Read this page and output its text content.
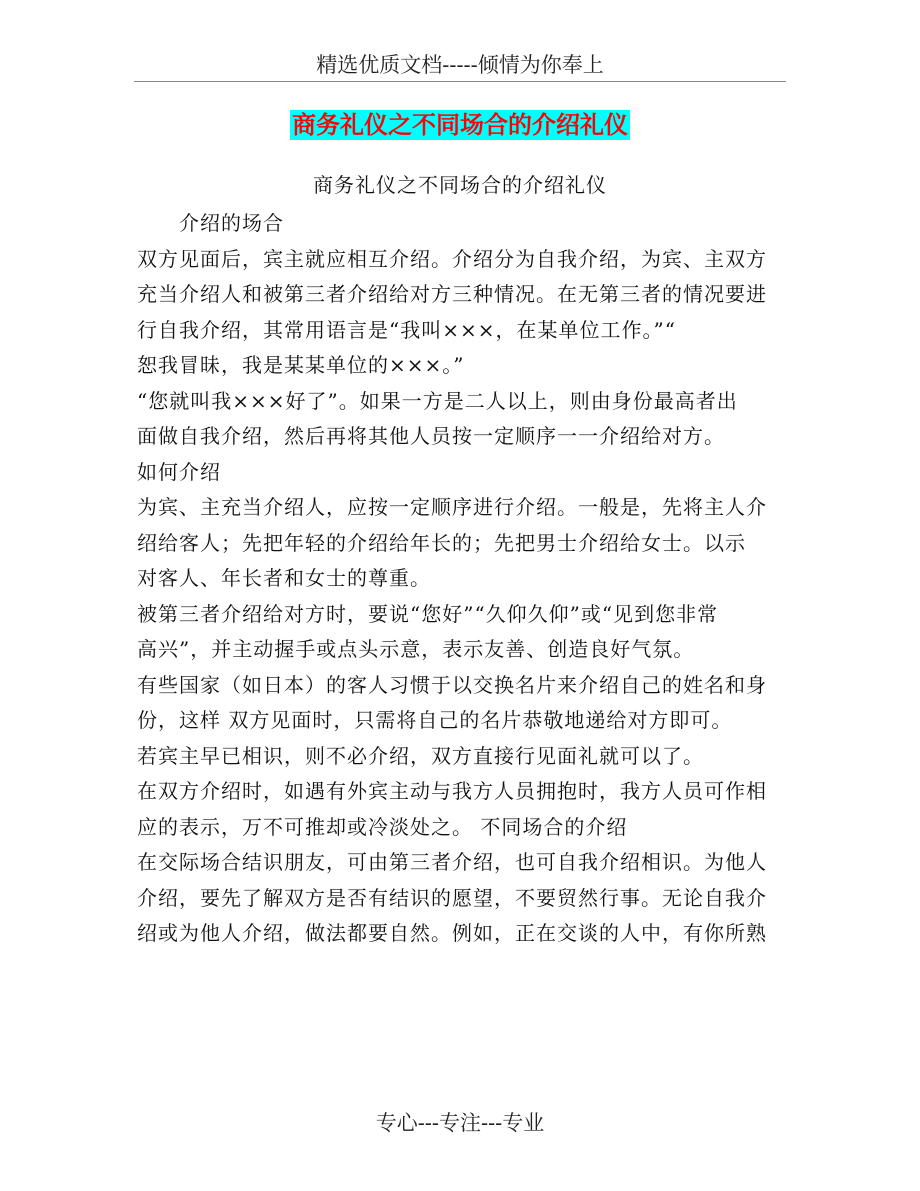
精选优质文档-----倾情为你奉上
商务礼仪之不同场合的介绍礼仪
商务礼仪之不同场合的介绍礼仪
介绍的场合
双方见面后，宾主就应相互介绍。介绍分为自我介绍，为宾、主双方
充当介绍人和被第三者介绍给对方三种情况。在无第三者的情况要进
行自我介绍，其常用语言是“我叫×××，在某单位工作。”“
恕我冒昧，我是某某单位的×××。”
“您就叫我×××好了”。如果一方是二人以上，则由身份最高者出
面做自我介绍，然后再将其他人员按一定顺序一一介绍给对方。
如何介绍
为宾、主充当介绍人，应按一定顺序进行介绍。一般是，先将主人介
绍给客人；先把年轻的介绍给年长的；先把男士介绍给女士。以示
对客人、年长者和女士的尊重。
被第三者介绍给对方时，要说“您好”“久仰久仰”或“见到您非常
高兴”，并主动握手或点头示意，表示友善、创造良好气氛。
有些国家（如日本）的客人习惯于以交换名片来介绍自己的姓名和身
份，这样 双方见面时，只需将自己的名片恭敬地递给对方即可。
若宾主早已相识，则不必介绍，双方直接行见面礼就可以了。
在双方介绍时，如遇有外宾主动与我方人员拥抱时，我方人员可作相
应的表示，万不可推却或冷淡处之。 不同场合的介绍
在交际场合结识朋友，可由第三者介绍，也可自我介绍相识。为他人
介绍，要先了解双方是否有结识的愿望，不要贸然行事。无论自我介
绍或为他人介绍，做法都要自然。例如，正在交谈的人中，有你所熟
专心---专注---专业
